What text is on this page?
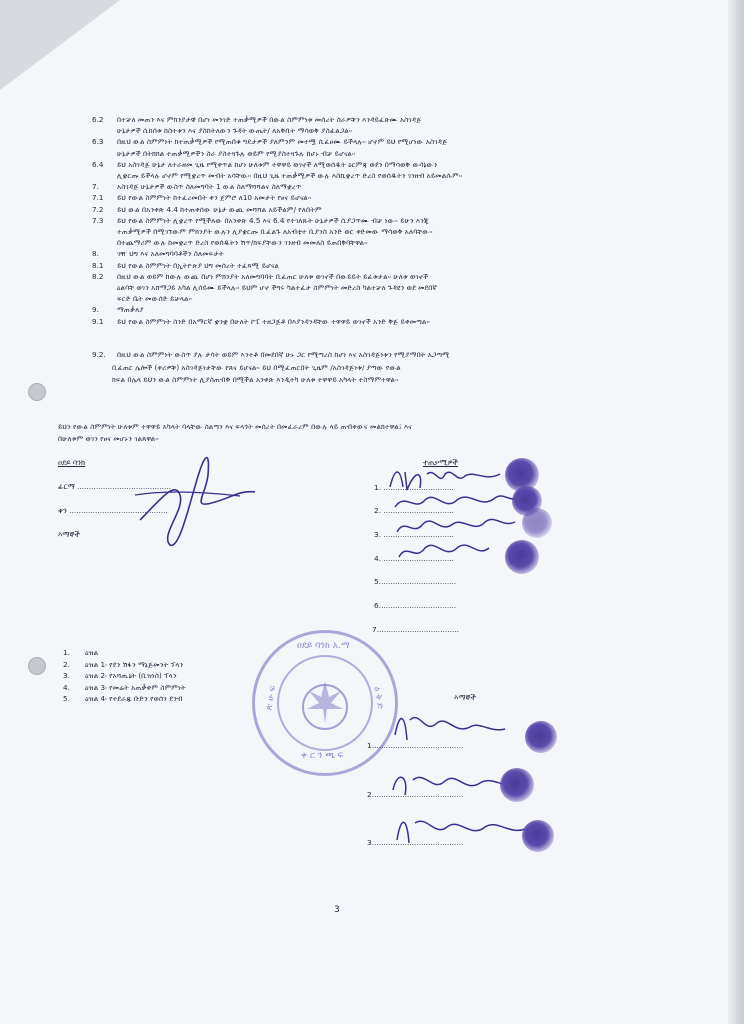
6.2 በተቻለ መጠን እና ምክንያታዊ በሆነ መንገድ ተጠቃሚዎች በውል ስምምነቱ መሰረት ስራዎቹን እንዳይፈጽሙ አስገዳጅ
ሁኔታዎች ሲከሰቱ ከስተቱን እና ያስከትለውን ጉዳት ውጤት/ ለአቅቢት ማሳወቅ ያስፈልጋል፡፡
6.3 በዚህ ውል ስምምነት ከተጠቃሚዎች የሚጠበቁ ግዴታዎች ያለምንም መተሟ ሲፈፀሙ ይችላሉ፡፡ ሆኖም ይህ የሚሆነው አስገዳጅ
ሁኔታዎች በትክክል ተጠቃሚዎችን ስራ ያስተጓጉሉ ወይም የሚያስተጓጉሉ ከሆኑ ብቻ ይሆናል፡፡
6.4 ይህ አስገዳጅ ሁኔታ ለተራዘመ ጊዜ የሚቀጥል ከሆነ ሁለቱም ተዋዋይ ወገኖች ለሚወሰዱት ዕርምጃ ወደን በማሳወቅ ውሳኔውን
ሊቋርጡ ይችላሉ ሆኖም የሚቋረጥ መብት አሳቸው፡፡ በዚህ ጊዜ ተጠቃሚዎች ውሉ እስኪቋረጥ ድረስ የወሰዱትን ገንዘብ አይመልሱም፡፡
7.	አስገዳጅ ሁኔታዎች ውስጥ ስለመግባት 1 ውል ስለማሻሻልና ስለማቋረጥ
7.1 ይህ የውል ስምምነት ከተፈረመበት ቀን ጀምሮ ለ10 አመታት የፀና ይሆናል፡፡
7.2 ይህ ውል በአንቀጽ 4.4 ከተጠቀሰው ሁኔታ ውጪ መሻሻል አይችልም/ የለበትም
7.3 ይህ የውል ስምምነት ሊቋረጥ የሚችለው በአንቀጽ 4.5 እና 6.4 የተገለጹት ሁኔታዎች ሲያጋጥሙ ብቻ ነው፡፡ ይሁን እንጂ
ተጠቃሚዎች በሚገኘውም ምክንያት ውሉን ሊያቋርጡ ቢፈልጉ ለአብቲተ ቢያንስ አንድ ወር ቀድመው ማሳወቅ አለባቸው፡፡
በተጨማሪም ውሉ ከመቋረጥ ድረስ የወሰዱትን ሽጥ/ክፍያቸውን ገንዘብ መመለስ ይጠበቅባቸዋል፡፡
8.	ገዥ ህግ እና አለመግባባቶችን ስለመፍታት
8.1 ይህ የውል ስምምነት በኢትዮጵያ ህግ መሰረት ተፈጻሚ ይሆናል
8.2 በዚህ ውል ወይም ከውሉ ውጪ በሆነ ምክንያት አለመግባባት ቢፈጠር ሁለቱ ወገኖች በውይይት ይፈቱታል፡፡ ሁለቱ ወገኖች
ዕልባቸ ወገን አሸማጋይ አካል ሊሰይሙ ይችላሉ፡፡ ይህም ሆኖ ችግሩ ካልተፈታ ስምምነት መድረስ ካልተቻለ ጉዳዩን ወደ መደበኛ
ፍርድ ቤት መውሰድ ይቻላል፡፡
9.	ማጠቃለያ
9.1 ይህ የውል ስምምነት ስንድ በአማርኛ ቋንቋ በሁለት ኮፒ ተዘጋጅቶ በእያንዳንዳቸው ተዋዋይ ወገኖች አንድ ቅጅ ይቀመጣል፡፡
9.2. በዚህ ውል ስምምነት ውስጥ ያሉ ታሳት ወይም እንተቶ በመደበኛ ሁኑ ጋር የሚጣረስ ከሆነ እና አስገዳጅነቱን የሚያማበት አጋጣሚ
ቢፈጠር ሌሎች (ቀሪዎቹ) አስገዳጅነታቸው የጸና ይሆናል፡፡ ይህ በሚፈጠርበት ጊዜም /አስገዳጅነቱ/ ያጣው የውል
ክፍል በሌላ ይህን ውል ስምምነት ሊያስጠብቅ በሚችል አንቀጽ እንዲተካ ሁለቱ ተዋዋይ አካላት ተስማምተዋል፡፡
ይህን የውል ስምምነት ሁለቱም ተዋዋይ አካላት ባላቸው ስልጣን እና ፍላጎት መሰረት በመፈራረም በውሉ ላይ ጠብቀውና መልክተዋል፤ እና
በሁለቱም ወገን የፀና መሆኑን ገልጸዋል፡፡
ዐደይ ባንክ
ፊርማ ........................................
ቀን ..........................................
እማኞች
ተጠቃሚዎች
1. ..............................
2. ..............................
3. ..............................
4. ..............................
5.................................
6.................................
7...................................
ዐደይ ባንክ አ.ማ
ቀ ር ን ጫ ፍ
ጽ ሁ ፍ	ዕ ቅ ድ
1. ዕዝል
2. ዕዝል 1፡ የደን ሽፋን ማኔጅመንት ፕላን
3. ዕዝል 2፡ የአሻጢኒት (ቢዝነስ) ፕላን
4. ዕዝል 3፡ የመሬት አጠቃቀም ስምምነት
5. ዕዝል 4፡ የተደራጁ ቡድን የወሰን ደንብ	እማኞች
1.......................................
2.......................................
3.......................................
3
